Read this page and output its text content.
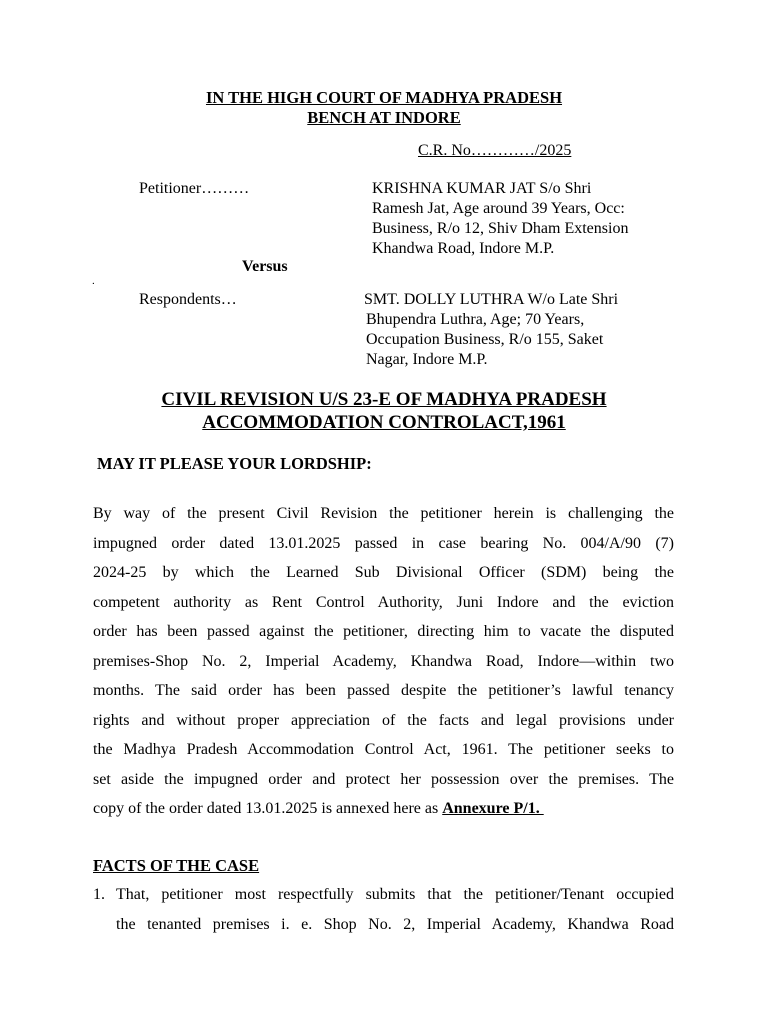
IN THE HIGH COURT OF MADHYA PRADESH
BENCH AT INDORE
C.R. No…………/2025
Petitioner………	KRISHNA KUMAR JAT S/o Shri
Ramesh Jat, Age around 39 Years, Occ:
Business, R/o 12, Shiv Dham Extension
Khandwa Road, Indore M.P.
Versus
.
Respondents…	SMT. DOLLY LUTHRA W/o Late Shri
Bhupendra Luthra, Age; 70 Years,
Occupation Business, R/o 155, Saket
Nagar, Indore M.P.
CIVIL REVISION U/S 23-E OF MADHYA PRADESH
ACCOMMODATION CONTROLACT,1961
MAY IT PLEASE YOUR LORDSHIP:
By way of the present Civil Revision the petitioner herein is challenging the
impugned order dated 13.01.2025 passed in case bearing No. 004/A/90 (7)
2024-25 by which the Learned Sub Divisional Officer (SDM) being the
competent authority as Rent Control Authority, Juni Indore and the eviction
order has been passed against the petitioner, directing him to vacate the disputed
premises-Shop No. 2, Imperial Academy, Khandwa Road, Indore—within two
months. The said order has been passed despite the petitioner’s lawful tenancy
rights and without proper appreciation of the facts and legal provisions under
the Madhya Pradesh Accommodation Control Act, 1961. The petitioner seeks to
set aside the impugned order and protect her possession over the premises. The
copy of the order dated 13.01.2025 is annexed here as Annexure P/1.
FACTS OF THE CASE
1. That, petitioner most respectfully submits that the petitioner/Tenant occupied
the tenanted premises i. e. Shop No. 2, Imperial Academy, Khandwa Road
